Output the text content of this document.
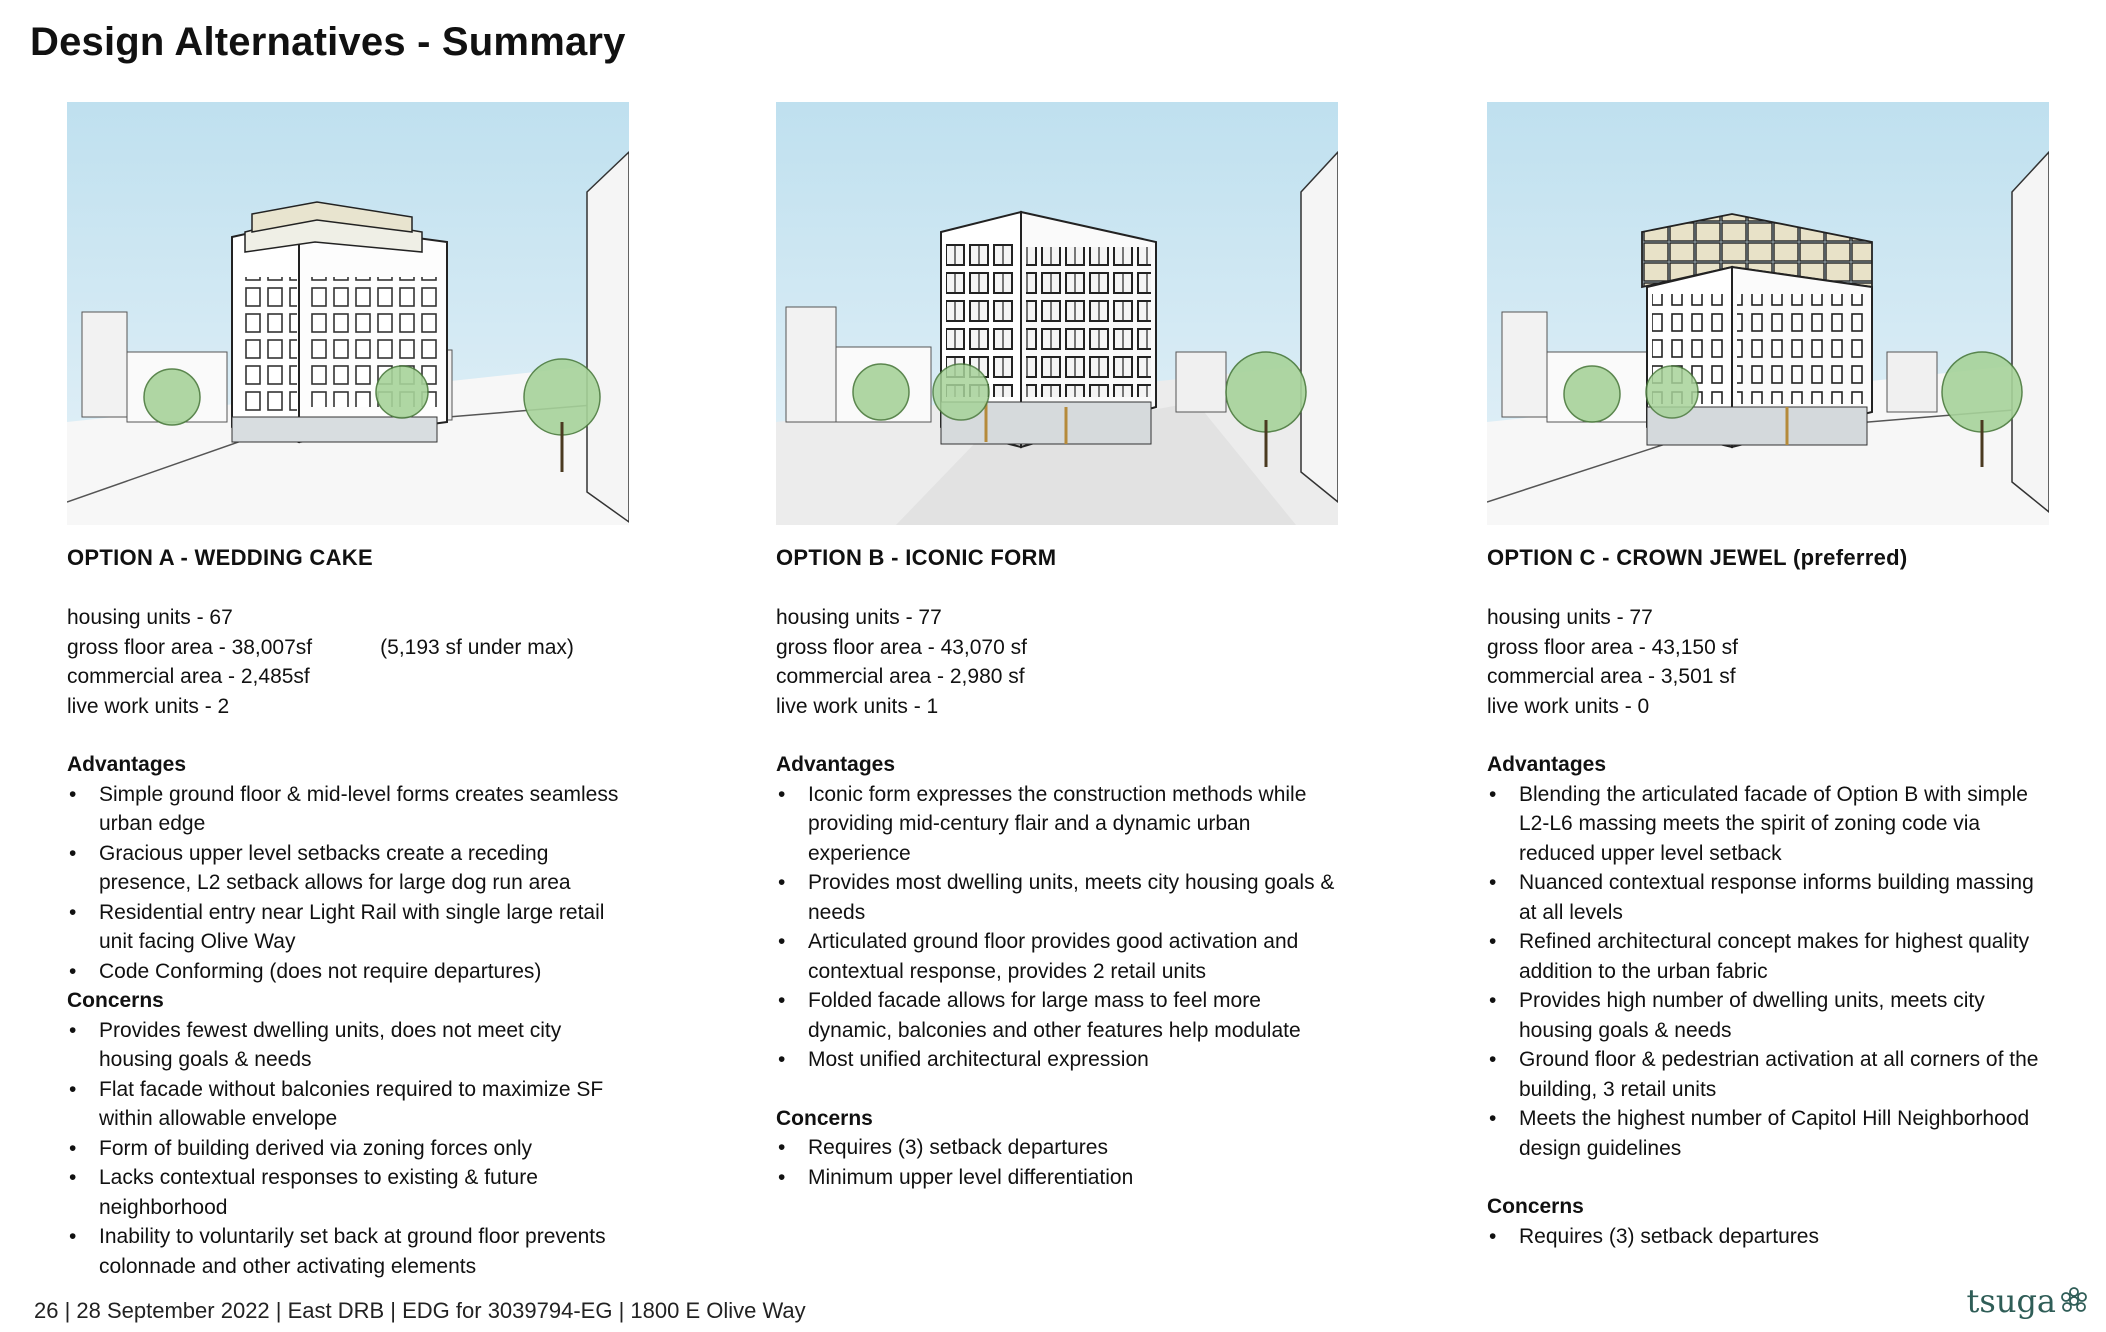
Design Alternatives - Summary
OPTION A - WEDDING CAKE
housing units - 67
gross floor area - 38,007sf	(5,193 sf under max)
commercial area - 2,485sf
live work units - 2
Advantages
• Simple ground floor & mid-level forms creates seamless urban edge
• Gracious upper level setbacks create a receding presence, L2 setback allows for large dog run area
• Residential entry near Light Rail with single large retail unit facing Olive Way
• Code Conforming (does not require departures)
Concerns
• Provides fewest dwelling units, does not meet city housing goals & needs
• Flat facade without balconies required to maximize SF within allowable envelope
• Form of building derived via zoning forces only
• Lacks contextual responses to existing & future neighborhood
• Inability to voluntarily set back at ground floor prevents colonnade and other activating elements
OPTION B - ICONIC FORM
housing units - 77
gross floor area - 43,070 sf
commercial area - 2,980 sf
live work units - 1
Advantages
• Iconic form expresses the construction methods while providing mid-century flair and a dynamic urban experience
• Provides most dwelling units, meets city housing goals & needs
• Articulated ground floor provides good activation and contextual response, provides 2 retail units
• Folded facade allows for large mass to feel more dynamic, balconies and other features help modulate
• Most unified architectural expression
Concerns
• Requires (3) setback departures
• Minimum upper level differentiation
OPTION C - CROWN JEWEL (preferred)
housing units - 77
gross floor area - 43,150 sf
commercial area - 3,501 sf
live work units - 0
Advantages
• Blending the articulated facade of Option B with simple L2-L6 massing meets the spirit of zoning code via reduced upper level setback
• Nuanced contextual response informs building massing at all levels
• Refined architectural concept makes for highest quality addition to the urban fabric
• Provides high number of dwelling units, meets city housing goals & needs
• Ground floor & pedestrian activation at all corners of the building, 3 retail units
• Meets the highest number of Capitol Hill Neighborhood design guidelines
Concerns
• Requires (3) setback departures
26 | 28 September 2022 | East DRB | EDG for 3039794-EG | 1800 E Olive Way	tsuga
